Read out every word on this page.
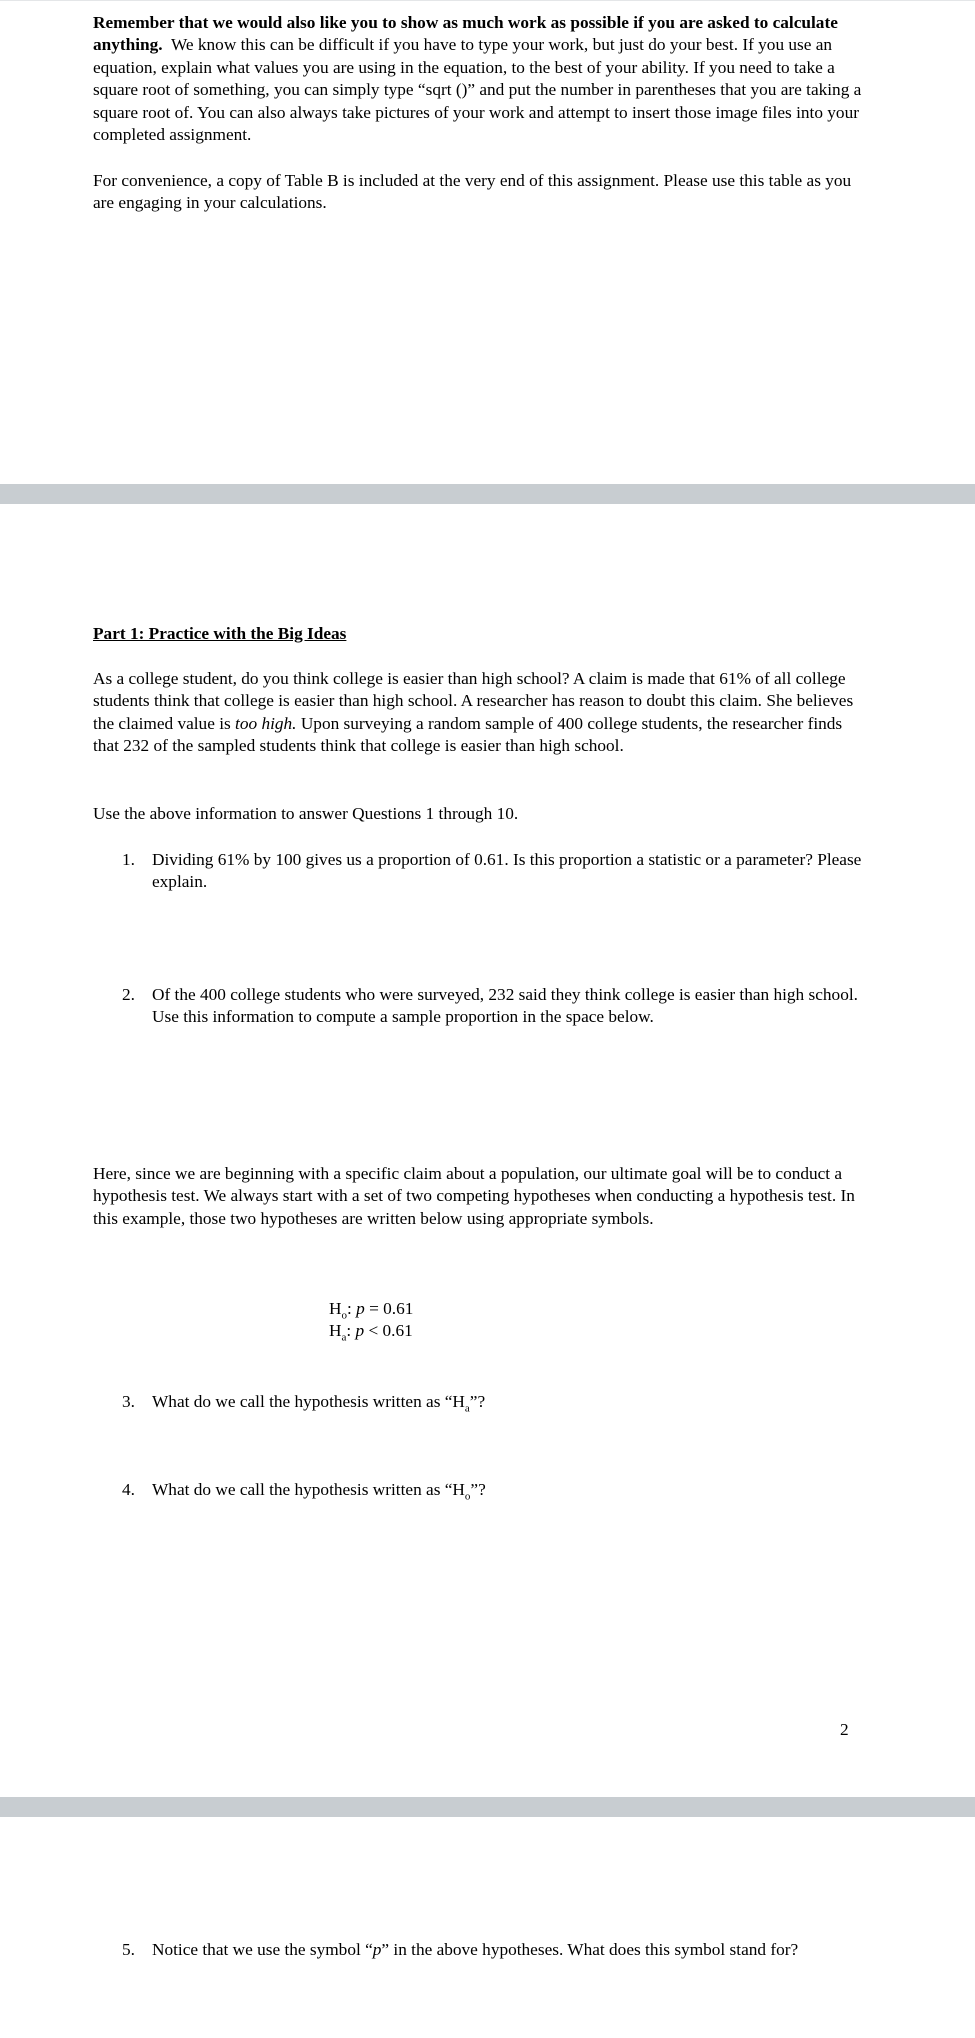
Remember that we would also like you to show as much work as possible if you are asked to calculate anything. We know this can be difficult if you have to type your work, but just do your best. If you use an equation, explain what values you are using in the equation, to the best of your ability. If you need to take a square root of something, you can simply type “sqrt ()” and put the number in parentheses that you are taking a square root of. You can also always take pictures of your work and attempt to insert those image files into your completed assignment.

For convenience, a copy of Table B is included at the very end of this assignment. Please use this table as you are engaging in your calculations.

Part 1: Practice with the Big Ideas

As a college student, do you think college is easier than high school? A claim is made that 61% of all college students think that college is easier than high school. A researcher has reason to doubt this claim. She believes the claimed value is too high. Upon surveying a random sample of 400 college students, the researcher finds that 232 of the sampled students think that college is easier than high school.

Use the above information to answer Questions 1 through 10.

1. Dividing 61% by 100 gives us a proportion of 0.61. Is this proportion a statistic or a parameter? Please explain.
2. Of the 400 college students who were surveyed, 232 said they think college is easier than high school. Use this information to compute a sample proportion in the space below.

Here, since we are beginning with a specific claim about a population, our ultimate goal will be to conduct a hypothesis test. We always start with a set of two competing hypotheses when conducting a hypothesis test. In this example, those two hypotheses are written below using appropriate symbols.

$H_o$: p = 0.61
$H_a$: p < 0.61
3. What do we call the hypothesis written as “$H_a$”?
4. What do we call the hypothesis written as “$H_o$”?
2
5. Notice that we use the symbol “p” in the above hypotheses. What does this symbol stand for?
